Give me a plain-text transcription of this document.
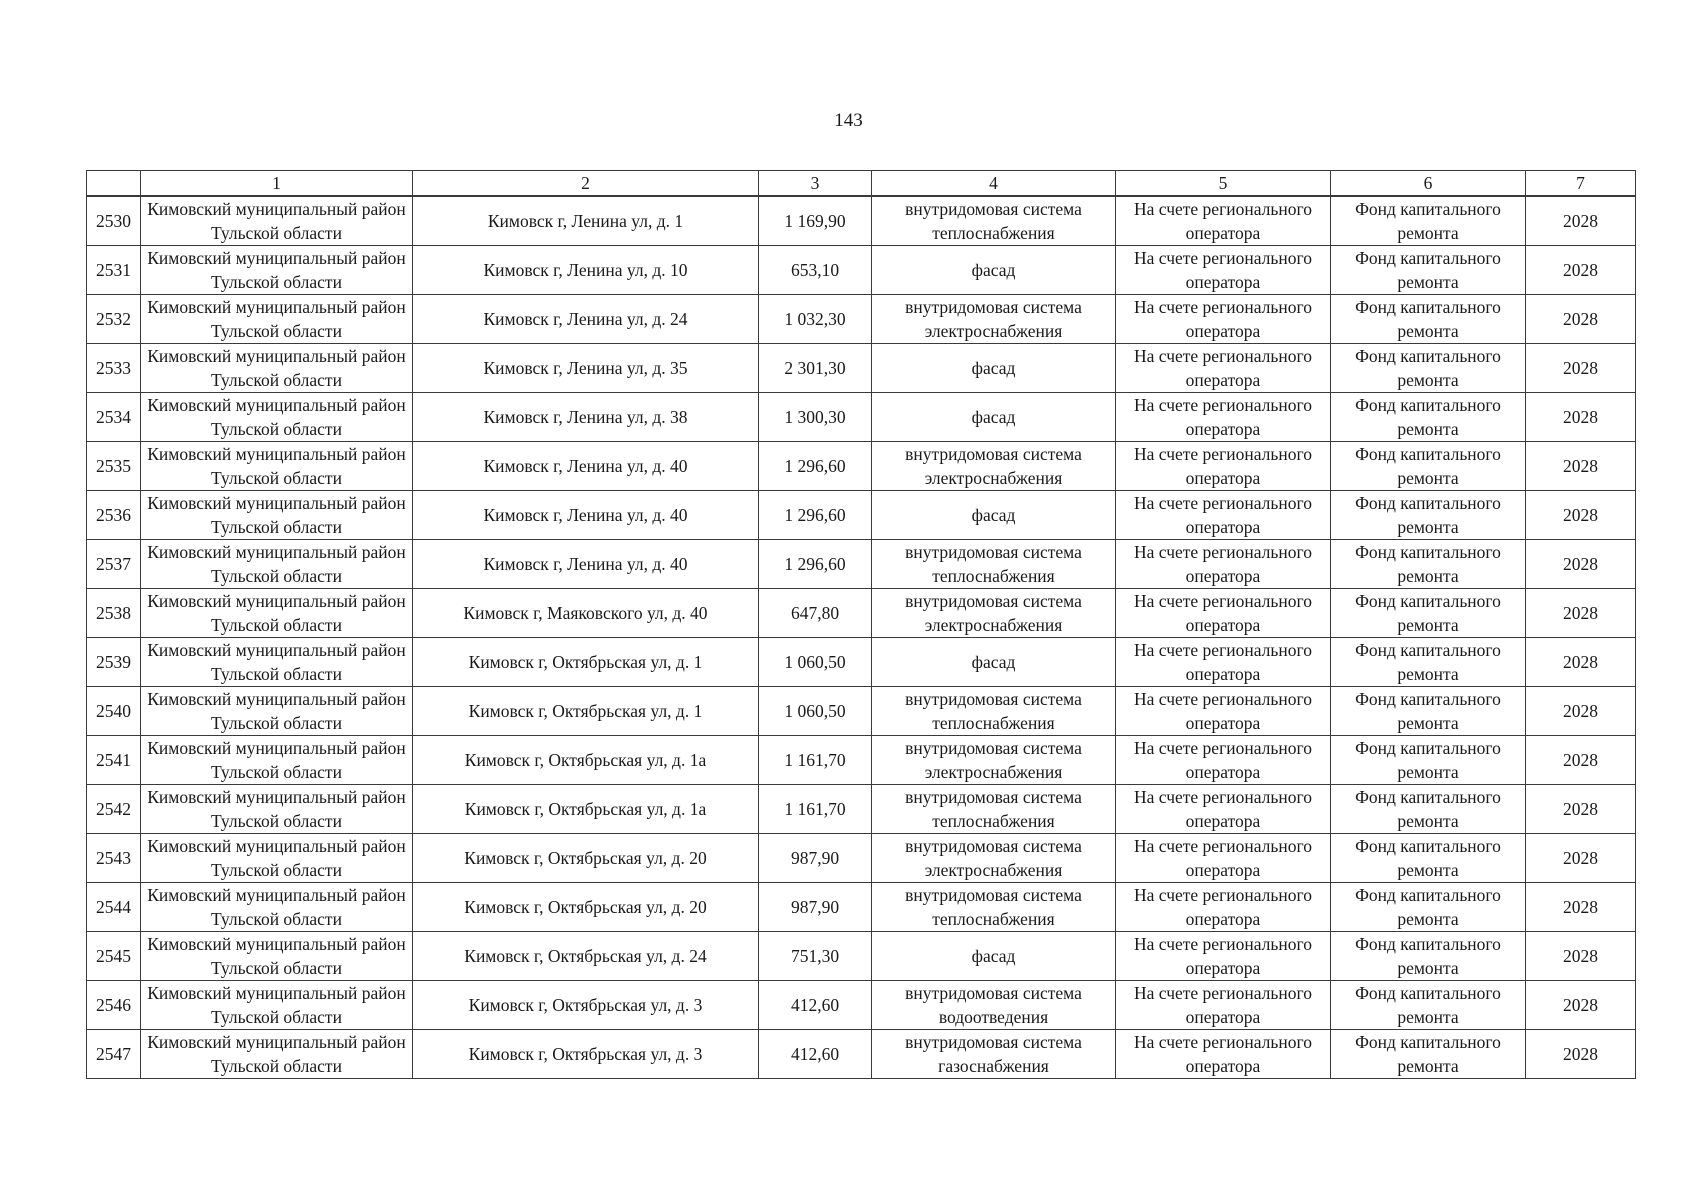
143
	1	2	3	4	5	6	7
2530	Кимовский муниципальный район Тульской области	Кимовск г, Ленина ул, д. 1	1 169,90	внутридомовая система теплоснабжения	На счете регионального оператора	Фонд капитального ремонта	2028
2531	Кимовский муниципальный район Тульской области	Кимовск г, Ленина ул, д. 10	653,10	фасад	На счете регионального оператора	Фонд капитального ремонта	2028
2532	Кимовский муниципальный район Тульской области	Кимовск г, Ленина ул, д. 24	1 032,30	внутридомовая система электроснабжения	На счете регионального оператора	Фонд капитального ремонта	2028
2533	Кимовский муниципальный район Тульской области	Кимовск г, Ленина ул, д. 35	2 301,30	фасад	На счете регионального оператора	Фонд капитального ремонта	2028
2534	Кимовский муниципальный район Тульской области	Кимовск г, Ленина ул, д. 38	1 300,30	фасад	На счете регионального оператора	Фонд капитального ремонта	2028
2535	Кимовский муниципальный район Тульской области	Кимовск г, Ленина ул, д. 40	1 296,60	внутридомовая система электроснабжения	На счете регионального оператора	Фонд капитального ремонта	2028
2536	Кимовский муниципальный район Тульской области	Кимовск г, Ленина ул, д. 40	1 296,60	фасад	На счете регионального оператора	Фонд капитального ремонта	2028
2537	Кимовский муниципальный район Тульской области	Кимовск г, Ленина ул, д. 40	1 296,60	внутридомовая система теплоснабжения	На счете регионального оператора	Фонд капитального ремонта	2028
2538	Кимовский муниципальный район Тульской области	Кимовск г, Маяковского ул, д. 40	647,80	внутридомовая система электроснабжения	На счете регионального оператора	Фонд капитального ремонта	2028
2539	Кимовский муниципальный район Тульской области	Кимовск г, Октябрьская ул, д. 1	1 060,50	фасад	На счете регионального оператора	Фонд капитального ремонта	2028
2540	Кимовский муниципальный район Тульской области	Кимовск г, Октябрьская ул, д. 1	1 060,50	внутридомовая система теплоснабжения	На счете регионального оператора	Фонд капитального ремонта	2028
2541	Кимовский муниципальный район Тульской области	Кимовск г, Октябрьская ул, д. 1а	1 161,70	внутридомовая система электроснабжения	На счете регионального оператора	Фонд капитального ремонта	2028
2542	Кимовский муниципальный район Тульской области	Кимовск г, Октябрьская ул, д. 1а	1 161,70	внутридомовая система теплоснабжения	На счете регионального оператора	Фонд капитального ремонта	2028
2543	Кимовский муниципальный район Тульской области	Кимовск г, Октябрьская ул, д. 20	987,90	внутридомовая система электроснабжения	На счете регионального оператора	Фонд капитального ремонта	2028
2544	Кимовский муниципальный район Тульской области	Кимовск г, Октябрьская ул, д. 20	987,90	внутридомовая система теплоснабжения	На счете регионального оператора	Фонд капитального ремонта	2028
2545	Кимовский муниципальный район Тульской области	Кимовск г, Октябрьская ул, д. 24	751,30	фасад	На счете регионального оператора	Фонд капитального ремонта	2028
2546	Кимовский муниципальный район Тульской области	Кимовск г, Октябрьская ул, д. 3	412,60	внутридомовая система водоотведения	На счете регионального оператора	Фонд капитального ремонта	2028
2547	Кимовский муниципальный район Тульской области	Кимовск г, Октябрьская ул, д. 3	412,60	внутридомовая система газоснабжения	На счете регионального оператора	Фонд капитального ремонта	2028
